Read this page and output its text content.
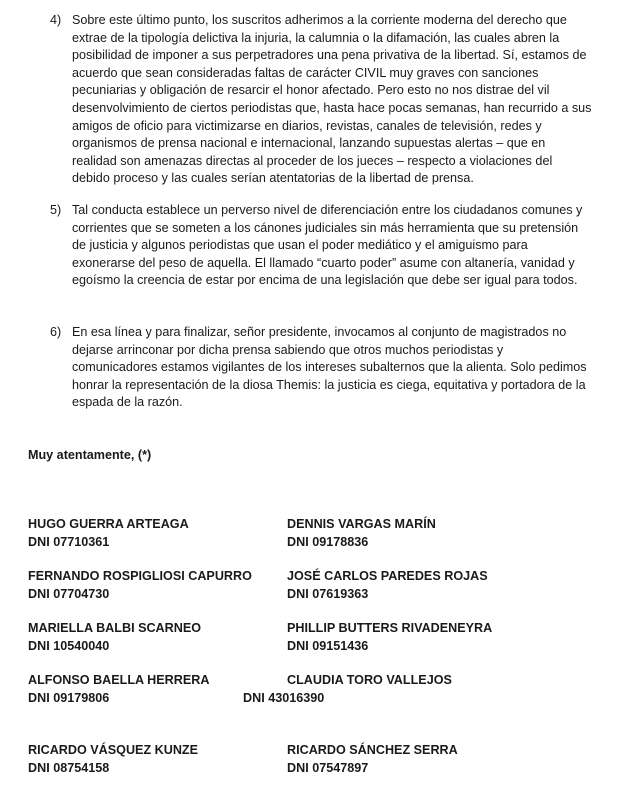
4) Sobre este último punto, los suscritos adherimos a la corriente moderna del derecho que extrae de la tipología delictiva la injuria, la calumnia o la difamación, las cuales abren la posibilidad de imponer a sus perpetradores una pena privativa de la libertad. Sí, estamos de acuerdo que sean consideradas faltas de carácter CIVIL muy graves con sanciones pecuniarias y obligación de resarcir el honor afectado. Pero esto no nos distrae del vil desenvolvimiento de ciertos periodistas que, hasta hace pocas semanas, han recurrido a sus amigos de oficio para victimizarse en diarios, revistas, canales de televisión, redes y organismos de prensa nacional e internacional, lanzando supuestas alertas – que en realidad son amenazas directas al proceder de los jueces – respecto a violaciones del debido proceso y las cuales serían atentatorias de la libertad de prensa.

5) Tal conducta establece un perverso nivel de diferenciación entre los ciudadanos comunes y corrientes que se someten a los cánones judiciales sin más herramienta que su pretensión de justicia y algunos periodistas que usan el poder mediático y el amiguismo para exonerarse del peso de aquella. El llamado “cuarto poder” asume con altanería, vanidad y egoísmo la creencia de estar por encima de una legislación que debe ser igual para todos.

6) En esa línea y para finalizar, señor presidente, invocamos al conjunto de magistrados no dejarse arrinconar por dicha prensa sabiendo que otros muchos periodistas y comunicadores estamos vigilantes de los intereses subalternos que la alienta. Solo pedimos honrar la representación de la diosa Themis: la justicia es ciega, equitativa y portadora de la espada de la razón.

Muy atentamente, (*)
HUGO GUERRA ARTEAGA
DNI 07710361
DENNIS VARGAS MARÍN
DNI 09178836
FERNANDO ROSPIGLIOSI CAPURRO
DNI 07704730
JOSÉ CARLOS PAREDES ROJAS
DNI 07619363
MARIELLA BALBI SCARNEO
DNI 10540040
PHILLIP BUTTERS RIVADENEYRA
DNI 09151436
ALFONSO BAELLA HERRERA
DNI 09179806
CLAUDIA TORO VALLEJOS
DNI 43016390
RICARDO VÁSQUEZ KUNZE
DNI 08754158
RICARDO SÁNCHEZ SERRA
DNI 07547897
